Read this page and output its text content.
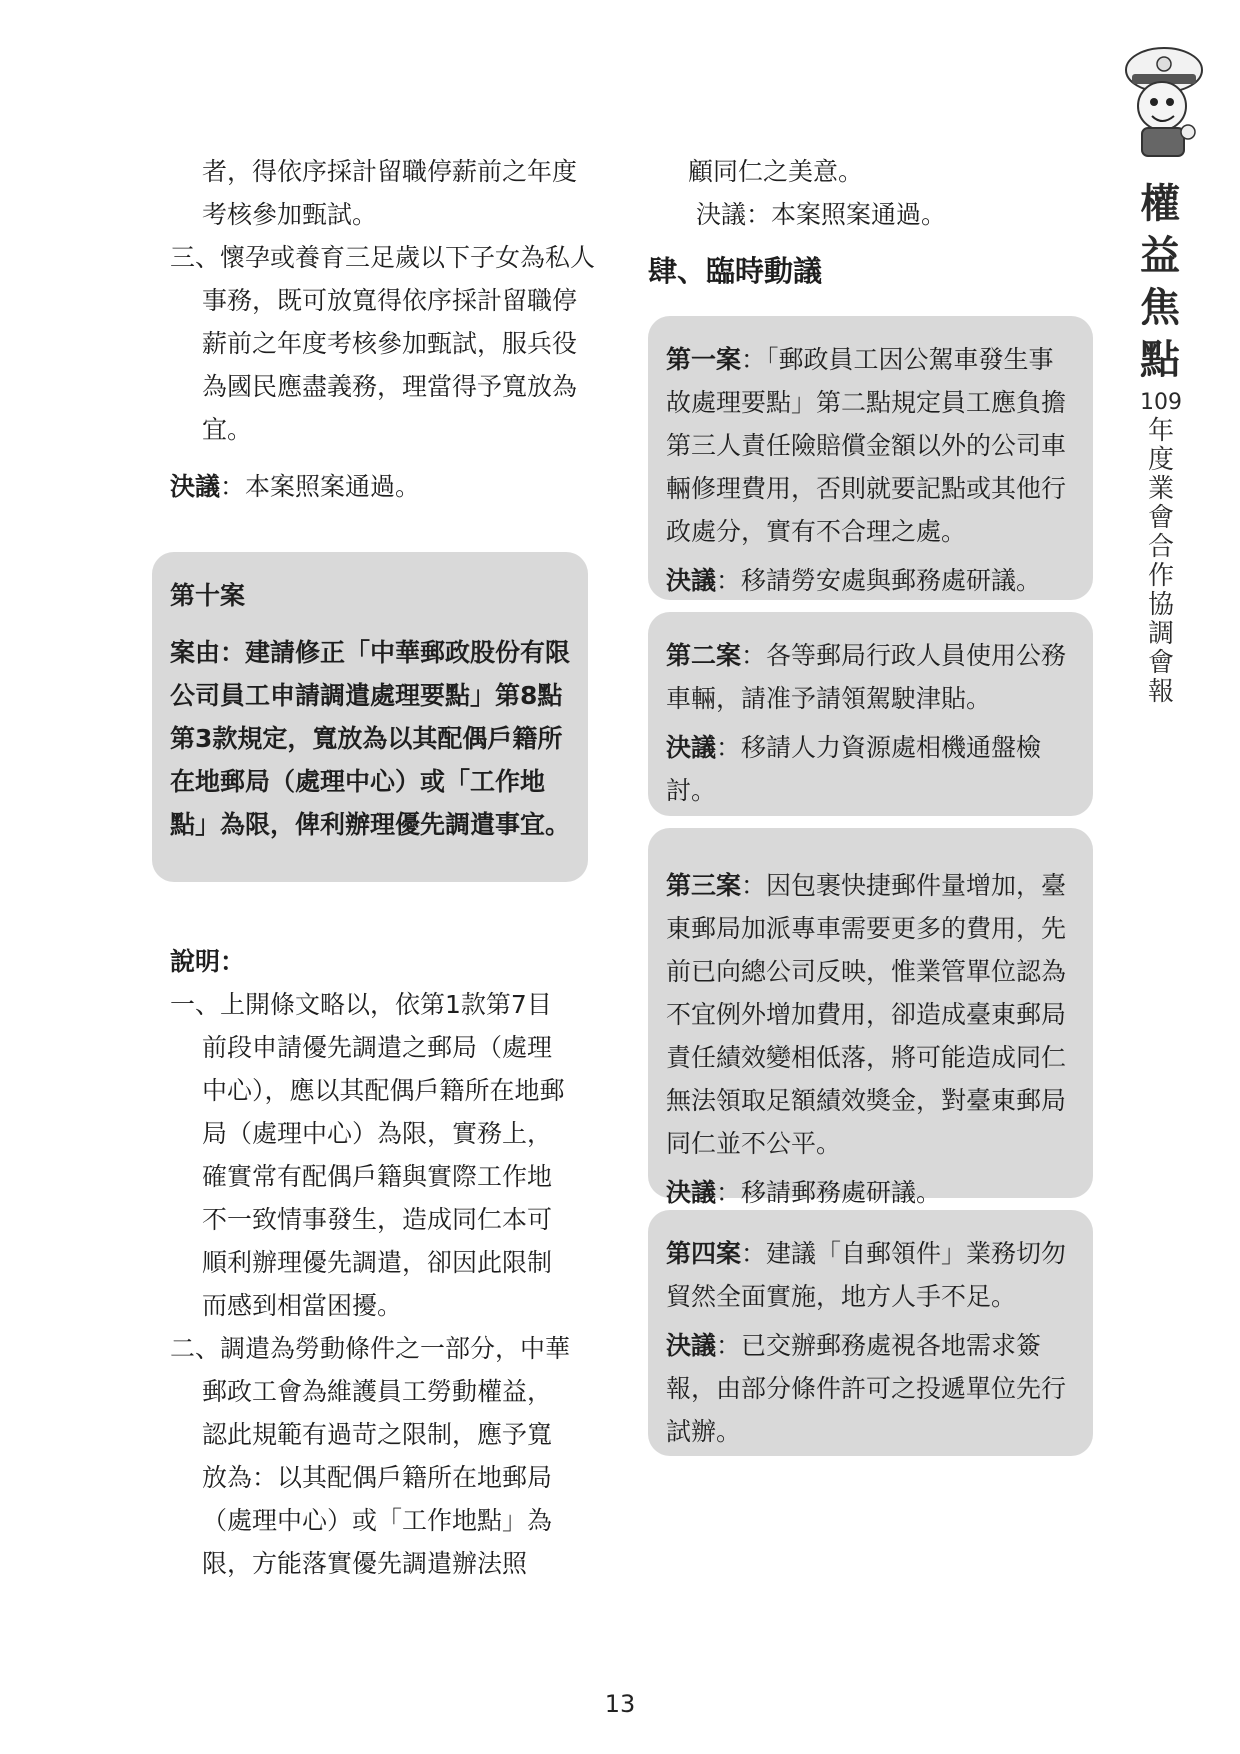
權
益
焦
點
109
年
度
業
會
合
作
協
調
會
報

者，得依序採計留職停薪前之年度考核參加甄試。

三、懷孕或養育三足歲以下子女為私人事務，既可放寬得依序採計留職停薪前之年度考核參加甄試，服兵役為國民應盡義務，理當得予寬放為宜。

決議：本案照案通過。

第十案

案由：建請修正「中華郵政股份有限公司員工申請調遣處理要點」第8點第3款規定，寬放為以其配偶戶籍所在地郵局（處理中心）或「工作地點」為限，俾利辦理優先調遣事宜。

說明：

一、上開條文略以，依第1款第7目前段申請優先調遣之郵局（處理中心），應以其配偶戶籍所在地郵局（處理中心）為限，實務上，確實常有配偶戶籍與實際工作地不一致情事發生，造成同仁本可順利辦理優先調遣，卻因此限制而感到相當困擾。

二、調遣為勞動條件之一部分，中華郵政工會為維護員工勞動權益，認此規範有過苛之限制，應予寬放為：以其配偶戶籍所在地郵局（處理中心）或「工作地點」為限，方能落實優先調遣辦法照

顧同仁之美意。

決議：本案照案通過。

肆、臨時動議

第一案：「郵政員工因公駕車發生事故處理要點」第二點規定員工應負擔第三人責任險賠償金額以外的公司車輛修理費用，否則就要記點或其他行政處分，實有不合理之處。

決議：移請勞安處與郵務處研議。

第二案：各等郵局行政人員使用公務車輛，請准予請領駕駛津貼。

決議：移請人力資源處相機通盤檢討。

第三案：因包裹快捷郵件量增加，臺東郵局加派專車需要更多的費用，先前已向總公司反映，惟業管單位認為不宜例外增加費用，卻造成臺東郵局責任績效變相低落，將可能造成同仁無法領取足額績效獎金，對臺東郵局同仁並不公平。

決議：移請郵務處研議。

第四案：建議「自郵領件」業務切勿貿然全面實施，地方人手不足。

決議：已交辦郵務處視各地需求簽報，由部分條件許可之投遞單位先行試辦。

13
